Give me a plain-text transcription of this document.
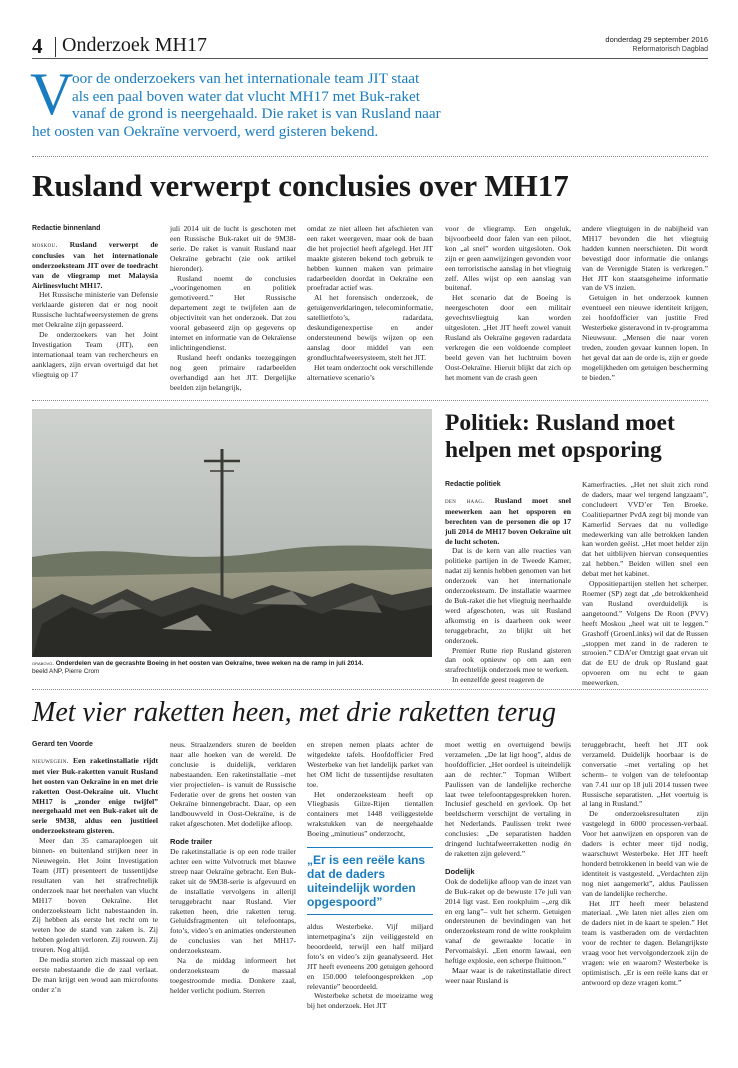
4 Onderzoek MH17	donderdag 29 september 2016
Reformatorisch Dagblad
V
oor de onderzoekers van het internationale team JIT staat
als een paal boven water dat vlucht MH17 met Buk-raket
vanaf de grond is neergehaald. Die raket is van Rusland naar
het oosten van Oekraïne vervoerd, werd gisteren bekend.
Rusland verwerpt conclusies over MH17
Redactie binnenland

moskou. Rusland verwerpt de conclusies van het internationale onderzoeksteam JIT over de toedracht van de vliegramp met Malaysia Airlinesvlucht MH17.

Het Russische ministerie van Defensie verklaarde gisteren dat er nog nooit Russische luchtafweersystemen de grens met Oekraïne zijn gepasseerd.

De onderzoekers van het Joint Investigation Team (JIT), een internationaal team van rechercheurs en aanklagers, zijn ervan overtuigd dat het vliegtuig op 17

juli 2014 uit de lucht is geschoten met een Russische Buk-raket uit de 9M38-serie. De raket is vanuit Rusland naar Oekraïne gebracht (zie ook artikel hieronder).

Rusland noemt de conclusies „vooringenomen en politiek gemotiveerd.” Het Russische departement zegt te twijfelen aan de objectiviteit van het onderzoek. Dat zou vooral gebaseerd zijn op gegevens op internet en informatie van de Oekraïense inlichtingendienst.

Rusland heeft ondanks toezeggingen nog geen primaire radarbeelden overhandigd aan het JIT. Dergelijke beelden zijn belangrijk,

omdat ze niet alleen het afschieten van een raket weergeven, maar ook de baan die het projectiel heeft afgelegd. Het JIT maakte gisteren bekend toch gebruik te hebben kunnen maken van primaire radarbeelden doordat in Oekraïne een proefradar actief was.

Al het forensisch onderzoek, de getuigenverklaringen, telecominformatie, satellietfoto’s, radardata, deskundigenexpertise en ander ondersteunend bewijs wijzen op een aanslag door middel van een grondluchtafweersysteem, stelt het JIT.

Het team onderzocht ook verschillende alternatieve scenario’s

voor de vliegramp. Een ongeluk, bijvoorbeeld door falen van een piloot, kon „al snel” worden uitgesloten. Ook zijn er geen aanwijzingen gevonden voor een terroristische aanslag in het vliegtuig zelf. Alles wijst op een aanslag van buitenaf.

Het scenario dat de Boeing is neergeschoten door een militair gevechtsvliegtuig kan worden uitgesloten. „Het JIT heeft zowel vanuit Rusland als Oekraïne gegeven radardata verkregen die een voldoende compleet beeld geven van het luchtruim boven Oost-Oekraïne. Hieruit blijkt dat zich op het moment van de crash geen

andere vliegtuigen in de nabijheid van MH17 bevonden die het vliegtuig hadden kunnen neerschieten. Dit wordt bevestigd door informatie die onlangs van de Verenigde Staten is verkregen.” Het JIT kon staatsgeheime informatie van de VS inzien.

Getuigen in het onderzoek kunnen eventueel een nieuwe identiteit krijgen, zei hoofdofficier van justitie Fred Westerbeke gisteravond in tv-programma Nieuwsuur. „Mensen die naar voren treden, zouden gevaar kunnen lopen. In het geval dat aan de orde is, zijn er goede mogelijkheden om getuigen bescherming te bieden.”

grabovo. Onderdelen van de gecrashte Boeing in het oosten van Oekraïne, twee weken na de ramp in juli 2014.
beeld ANP, Pierre Crom
Politiek: Rusland moet
helpen met opsporing
Redactie politiek

den haag. Rusland moet snel meewerken aan het opsporen en berechten van de personen die op 17 juli 2014 de MH17 boven Oekraïne uit de lucht schoten.

Dat is de kern van alle reacties van politieke partijen in de Tweede Kamer, nadat zij kennis hebben genomen van het onderzoek van het internationale onderzoeksteam. De installatie waarmee de Buk-raket die het vliegtuig neerhaalde werd afgeschoten, was uit Rusland afkomstig en is daarheen ook weer teruggebracht, zo blijkt uit het onderzoek.

Premier Rutte riep Rusland gisteren dan ook opnieuw op om aan een strafrechtelijk onderzoek mee te werken.

In eenzelfde geest reageren de

Kamerfracties. „Het net sluit zich rond de daders, maar wel tergend langzaam”, concludeert VVD’er Ten Broeke. Coalitiepartner PvdA zegt bij monde van Kamerlid Servaes dat nu volledige medewerking van alle betrokken landen kan worden geëist. „Het moet helder zijn dat het uitblijven hiervan consequenties zal hebben.” Beiden willen snel een debat met het kabinet.

Oppositiepartijen stellen het scherper. Roemer (SP) zegt dat „de betrokkenheid van Rusland overduidelijk is aangetoond.” Volgens De Roon (PVV) heeft Moskou „heel wat uit te leggen.” Grashoff (GroenLinks) wil dat de Russen „stoppen met zand in de raderen te strooien.” CDA’er Omtzigt gaat ervan uit dat de EU de druk op Rusland gaat opvoeren om nu echt te gaan meewerken.

Met vier raketten heen, met drie raketten terug
Gerard ten Voorde

nieuwegein. Een raketinstallatie rijdt met vier Buk-raketten vanuit Rusland het oosten van Oekraïne in en met drie raketten Oost-Oekraïne uit. Vlucht MH17 is „zonder enige twijfel” neergehaald met een Buk-raket uit de serie 9M38, aldus een justitieel onderzoeksteam gisteren.

Meer dan 35 camaraploegen uit binnen- en buitenland strijken neer in Nieuwegein. Het Joint Investigation Team (JIT) presenteert de tussentijdse resultaten van het strafrechtelijk onderzoek naar het neerhalen van vlucht MH17 boven Oekraïne. Het onderzoeksteam licht nabestaanden in. Zij hebben als eerste het recht om te weten hoe de stand van zaken is. Zij hebben geleden verloren. Zij rouwen. Zij treuren. Nog altijd.

De media storten zich massaal op een eerste nabestaande die de zaal verlaat. De man krijgt een woud aan microfoons onder z’n

neus. Straalzenders sturen de beelden naar alle hoeken van de wereld. De conclusie is duidelijk, verklaren nabestaanden. Een raketinstallatie –met vier projectielen– is vanuit de Russische Federatie over de grens het oosten van Oekraïne binnengebracht. Daar, op een landbouwveld in Oost-Oekraïne, is de raket afgeschoten. Met dodelijke afloop.

Rode trailer

De raketinstallatie is op een rode trailer achter een witte Volvotruck met blauwe streep naar Oekraïne gebracht. Een Buk-raket uit de 9M38-serie is afgevuurd en de installatie vervolgens in allerijl teruggebracht naar Rusland. Vier raketten heen, drie raketten terug. Geluidsfragmenten uit telefoontaps, foto’s, video’s en animaties ondersteunen de conclusies van het MH17-onderzoeksteam.

Na de middag informeert het onderzoeksteam de massaal toegestroomde media. Donkere zaal, helder verlicht podium. Sterren

en strepen nemen plaats achter de witgedekte tafels. Hoofdofficier Fred Westerbeke van het landelijk parket van het OM licht de tussentijdse resultaten toe.

Het onderzoeksteam heeft op Vliegbasis Gilze-Rijen tientallen containers met 1448 veiliggestelde wrakstukken van de neergehaalde Boeing „minutieus” onderzocht,

„Er is een reële kans dat de daders uiteindelijk worden opgespoord”

aldus Westerbeke. Vijf miljard internetpagina’s zijn veiliggesteld en beoordeeld, terwijl een half miljard foto’s en video’s zijn geanalyseerd. Het JIT heeft eveneens 200 getuigen gehoord en 150.000 telefoongesprekken „op relevantie” beoordeeld.

Westerbeke schetst de moeizame weg bij het onderzoek. Het JIT

moet wettig en overtuigend bewijs verzamelen. „De lat ligt hoog”, aldus de hoofdofficier. „Het oordeel is uiteindelijk aan de rechter.” Topman Wilbert Paulissen van de landelijke recherche laat twee telefoontapgesprekken horen. Inclusief gescheld en gevloek. Op het beeldscherm verschijnt de vertaling in het Nederlands. Paulissen trekt twee conclusies: „De separatisten hadden dringend luchtafweerraketten nodig én de raketten zijn geleverd.”

Dodelijk

Ook de dodelijke afloop van de inzet van de Buk-raket op de bewuste 17e juli van 2014 ligt vast. Een rookpluim –„erg dik en erg lang”– vult het scherm. Getuigen ondersteunen de bevindingen van het onderzoeksteam rond de witte rookpluim vanaf de gewraakte locatie in Pervomaiskyi. „Een enorm lawaai, een heftige explosie, een scherpe fluittoon.”

Maar waar is de raketinstallatie direct weer naar Rusland is

teruggebracht, heeft het JIT ook verzameld. Duidelijk hoorbaar is de conversatie –met vertaling op het scherm– te volgen van de telefoontap van 7.41 uur op 18 juli 2014 tussen twee Russische separatisten. „Het voertuig is al lang in Rusland.”

De onderzoeksresultaten zijn vastgelegd in 6000 processen-verbaal. Voor het aanwijzen en opsporen van de daders is echter meer tijd nodig, waarschuwt Westerbeke. Het JIT heeft honderd betrokkenen in beeld van wie de identiteit is vastgesteld. „Verdachten zijn nog niet aangemerkt”, aldus Paulissen van de landelijke recherche.

Het JIT heeft meer belastend materiaal. „We laten niet alles zien om de daders niet in de kaart te spelen.” Het team is vastberaden om de verdachten voor de rechter te dagen. Belangrijkste vraag voor het vervolgonderzoek zijn de vragen: wie en waarom? Westerbeke is optimistisch. „Er is een reële kans dat er antwoord op deze vragen komt.”
